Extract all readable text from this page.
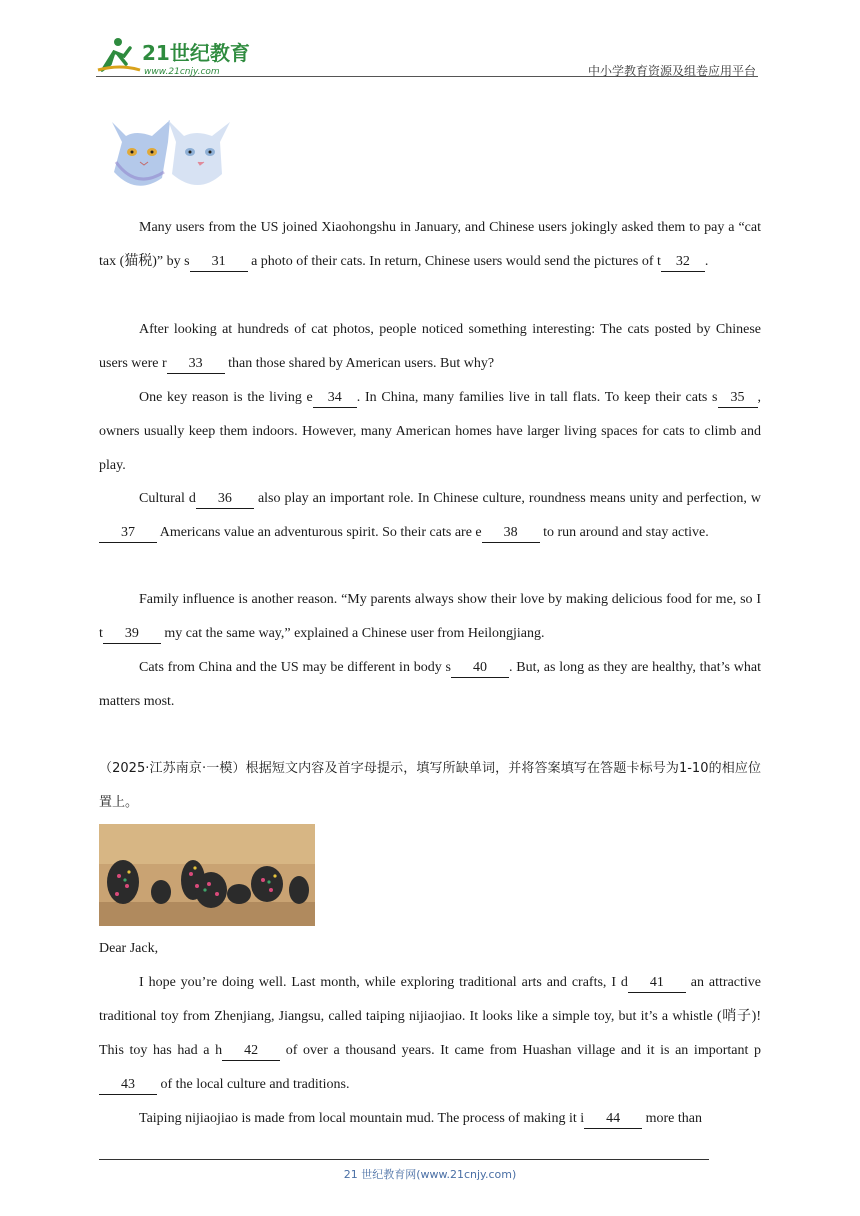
21世纪教育
www.21cnjy.com	中小学教育资源及组卷应用平台

Many users from the US joined Xiaohongshu in January, and Chinese users jokingly asked them to pay a “cat tax (猫税)” by s 31 a photo of their cats. In return, Chinese users would send the pictures of t 32 .

After looking at hundreds of cat photos, people noticed something interesting: The cats posted by Chinese users were r 33 than those shared by American users. But why?

One key reason is the living e 34 . In China, many families live in tall flats. To keep their cats s 35 , owners usually keep them indoors. However, many American homes have larger living spaces for cats to climb and play.

Cultural d 36 also play an important role. In Chinese culture, roundness means unity and perfection, w37 Americans value an adventurous spirit. So their cats are e 38 to run around and stay active.

Family influence is another reason. “My parents always show their love by making delicious food for me, so I t 39 my cat the same way,” explained a Chinese user from Heilongjiang.

Cats from China and the US may be different in body s 40 . But, as long as they are healthy, that’s what matters most.

（2025·江苏南京·一模）根据短文内容及首字母提示，填写所缺单词，并将答案填写在答题卡标号为1-10的相应位置上。

Dear Jack,

I hope you’re doing well. Last month, while exploring traditional arts and crafts, I d 41 an attractive traditional toy from Zhenjiang, Jiangsu, called taiping nijiaojiao. It looks like a simple toy, but it’s a whistle (哨子)! This toy has had a h 42 of over a thousand years. It came from Huashan village and it is an important p43 of the local culture and traditions.

Taiping nijiaojiao is made from local mountain mud. The process of making it i 44 more than

21 世纪教育网(www.21cnjy.com)
